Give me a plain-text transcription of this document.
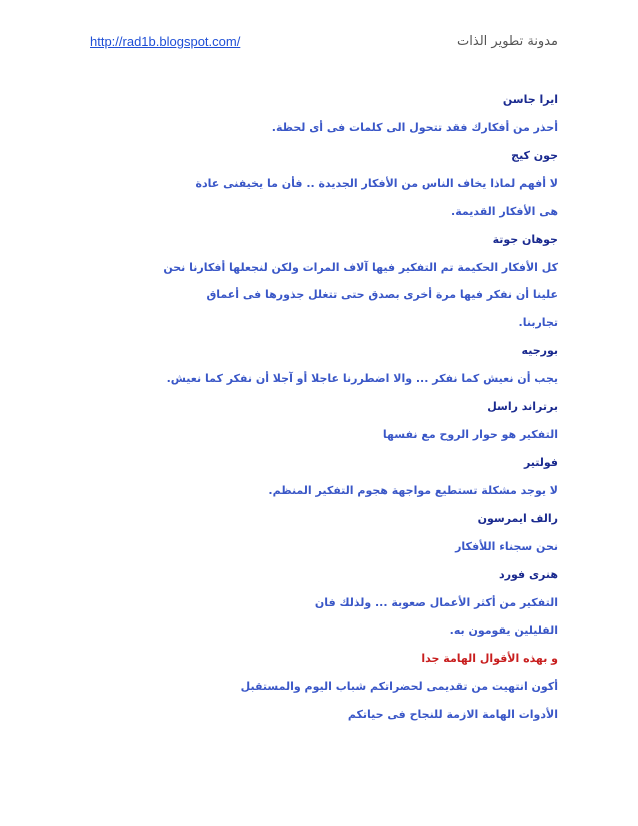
http://rad1b.blogspot.com/	مدونة تطوير الذات
ايرا جاسن
أحذر من أفكارك فقد تتحول الى كلمات فى أى لحظة.
جون كيج
لا أفهم لماذا يخاف الناس من الأفكار الجديدة .. فأن ما يخيفنى عادة
هى الأفكار القديمة.
جوهان جوتة
كل الأفكار الحكيمة تم التفكير فيها آلاف المرات ولكن لنجعلها أفكارنا نحن
علينا أن نفكر فيها مرة أخرى بصدق حتى تتغلل جذورها فى أعماق
تجاربنا.
بورجيه
يجب أن نعيش كما نفكر ... والا اضطررنا عاجلا أو آجلا أن نفكر كما نعيش.
برتراند راسل
التفكير هو حوار الروح مع نفسها
فولتير
لا يوجد مشكلة تستطيع مواجهة هجوم التفكير المنظم.
رالف ايمرسون
نحن سجناء اللأفكار
هنرى فورد
التفكير من أكثر الأعمال صعوبة ... ولذلك فان
القليلين يقومون به.
و بهذه الأقوال الهامة جدا
أكون انتهيت من تقديمى لحضراتكم شباب اليوم والمستقبل
الأدوات الهامة الازمة للنجاح فى حياتكم
